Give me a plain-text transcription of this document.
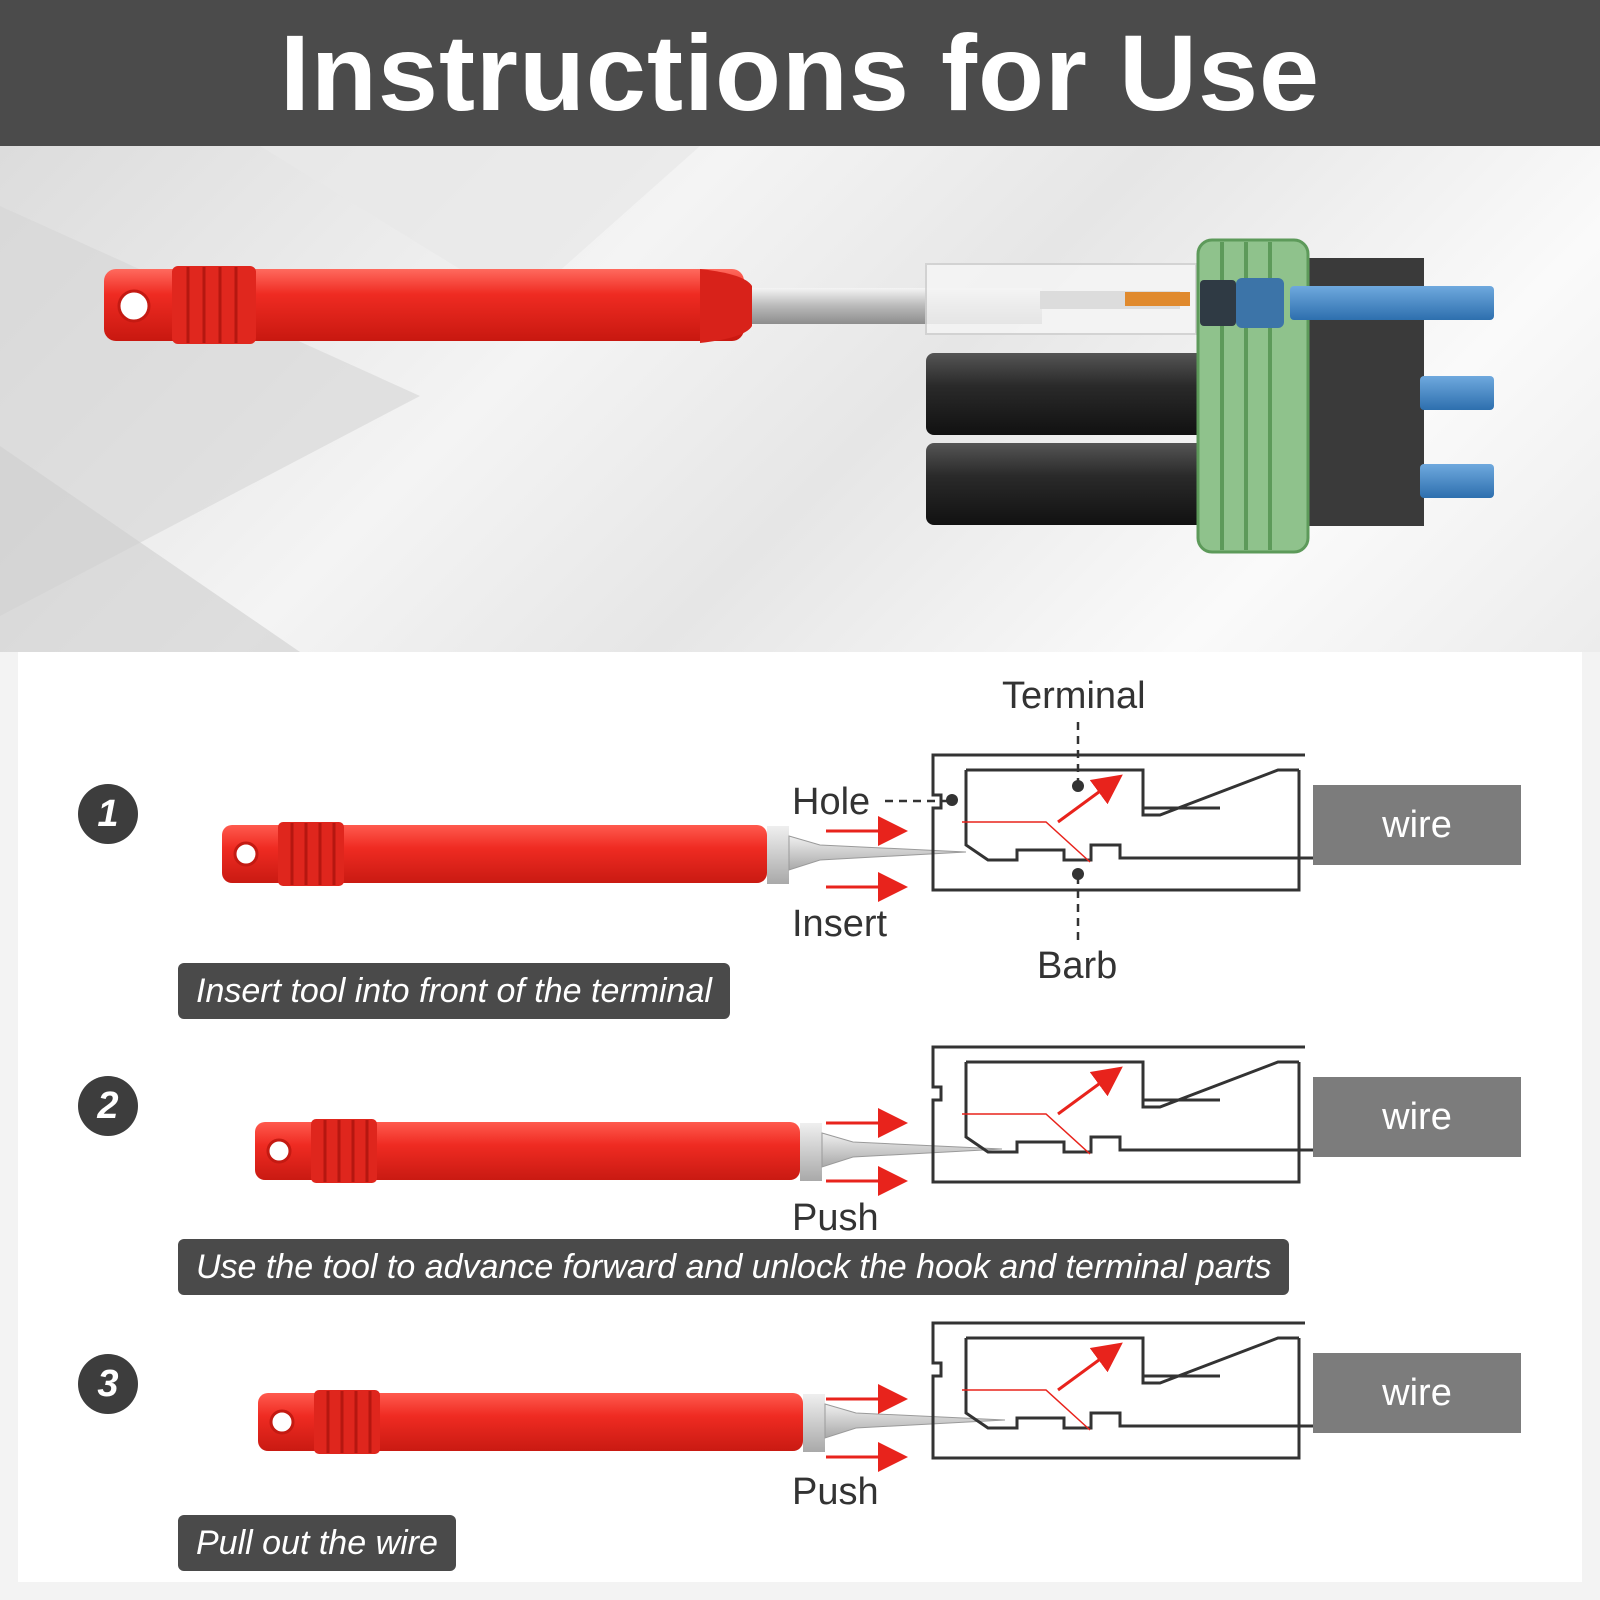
Instructions for Use
1
2
3
Terminal
Hole
Insert
Barb
Push
Push
wire
wire
wire
Insert tool into front of the terminal
Use the tool to advance forward and unlock the hook and terminal parts
Pull out the wire
